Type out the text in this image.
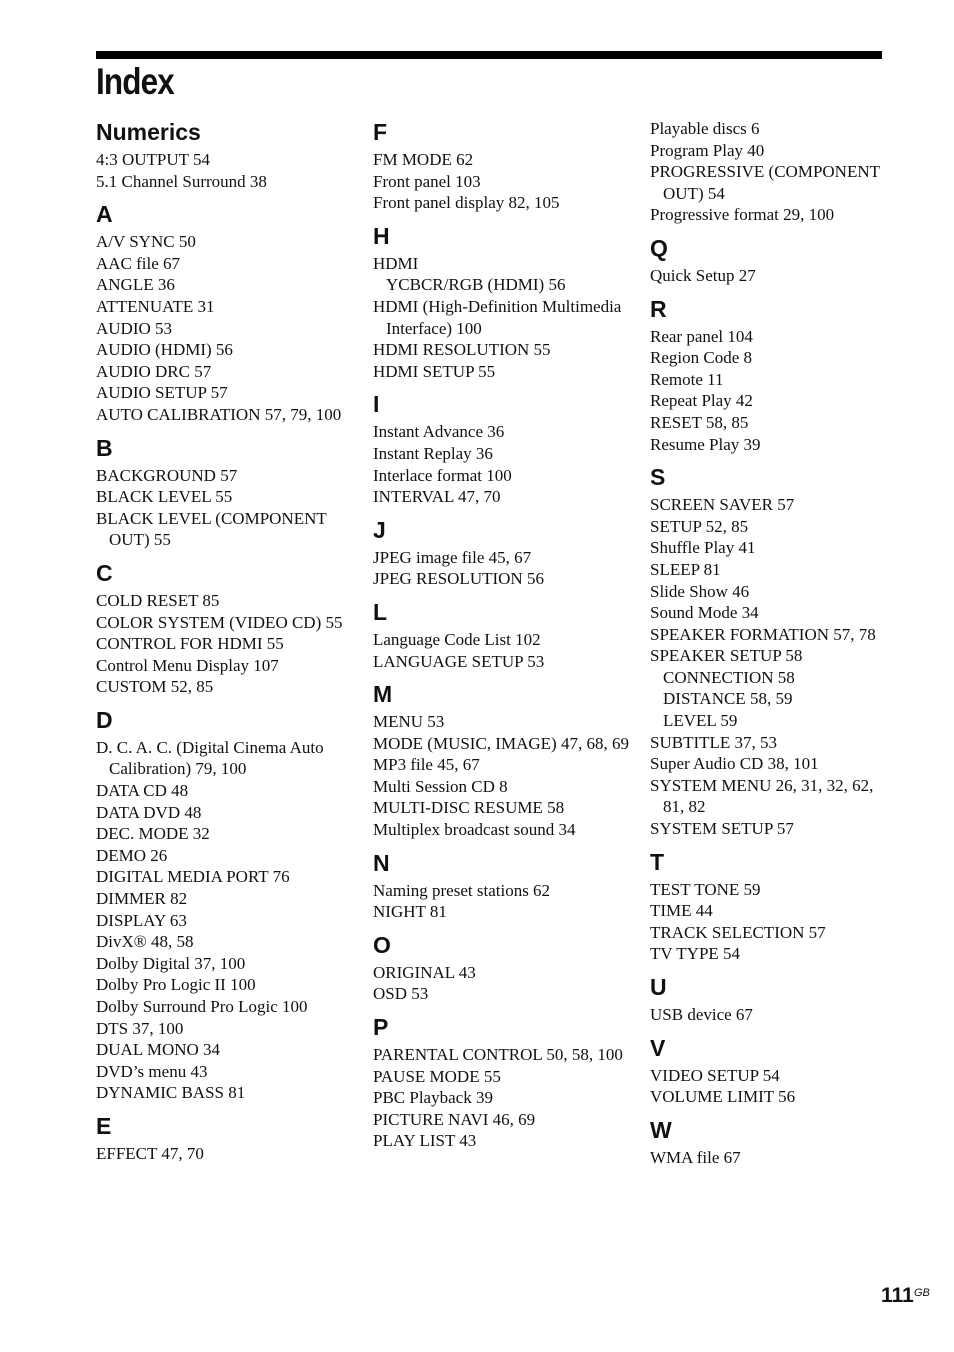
Index
Numerics
4:3 OUTPUT 54
5.1 Channel Surround 38
A
A/V SYNC 50
AAC file 67
ANGLE 36
ATTENUATE 31
AUDIO 53
AUDIO (HDMI) 56
AUDIO DRC 57
AUDIO SETUP 57
AUTO CALIBRATION 57, 79, 100
B
BACKGROUND 57
BLACK LEVEL 55
BLACK LEVEL (COMPONENT OUT) 55
C
COLD RESET 85
COLOR SYSTEM (VIDEO CD) 55
CONTROL FOR HDMI 55
Control Menu Display 107
CUSTOM 52, 85
D
D. C. A. C. (Digital Cinema Auto Calibration) 79, 100
DATA CD 48
DATA DVD 48
DEC. MODE 32
DEMO 26
DIGITAL MEDIA PORT 76
DIMMER 82
DISPLAY 63
DivX® 48, 58
Dolby Digital 37, 100
Dolby Pro Logic II 100
Dolby Surround Pro Logic 100
DTS 37, 100
DUAL MONO 34
DVD’s menu 43
DYNAMIC BASS 81
E
EFFECT 47, 70
F
FM MODE 62
Front panel 103
Front panel display 82, 105
H
HDMI
YCBCR/RGB (HDMI) 56
HDMI (High-Definition Multimedia Interface) 100
HDMI RESOLUTION 55
HDMI SETUP 55
I
Instant Advance 36
Instant Replay 36
Interlace format 100
INTERVAL 47, 70
J
JPEG image file 45, 67
JPEG RESOLUTION 56
L
Language Code List 102
LANGUAGE SETUP 53
M
MENU 53
MODE (MUSIC, IMAGE) 47, 68, 69
MP3 file 45, 67
Multi Session CD 8
MULTI-DISC RESUME 58
Multiplex broadcast sound 34
N
Naming preset stations 62
NIGHT 81
O
ORIGINAL 43
OSD 53
P
PARENTAL CONTROL 50, 58, 100
PAUSE MODE 55
PBC Playback 39
PICTURE NAVI 46, 69
PLAY LIST 43
Playable discs 6
Program Play 40
PROGRESSIVE (COMPONENT OUT) 54
Progressive format 29, 100
Q
Quick Setup 27
R
Rear panel 104
Region Code 8
Remote 11
Repeat Play 42
RESET 58, 85
Resume Play 39
S
SCREEN SAVER 57
SETUP 52, 85
Shuffle Play 41
SLEEP 81
Slide Show 46
Sound Mode 34
SPEAKER FORMATION 57, 78
SPEAKER SETUP 58
CONNECTION 58
DISTANCE 58, 59
LEVEL 59
SUBTITLE 37, 53
Super Audio CD 38, 101
SYSTEM MENU 26, 31, 32, 62, 81, 82
SYSTEM SETUP 57
T
TEST TONE 59
TIME 44
TRACK SELECTION 57
TV TYPE 54
U
USB device 67
V
VIDEO SETUP 54
VOLUME LIMIT 56
W
WMA file 67
111 GB
